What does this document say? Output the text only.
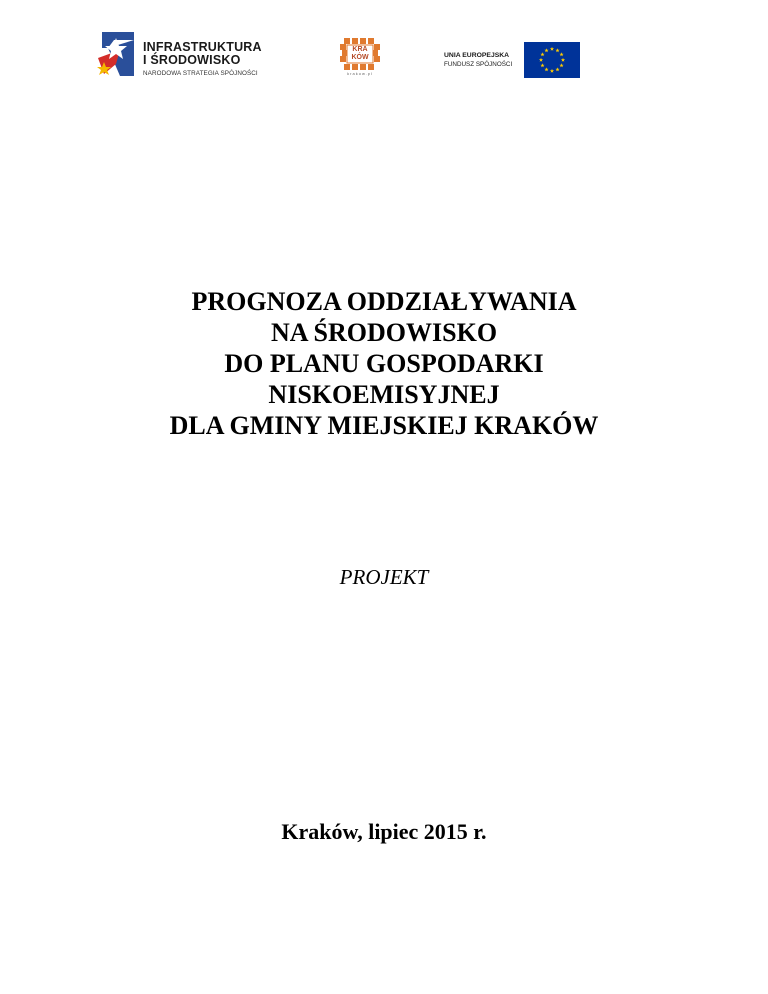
INFRASTRUKTURA
I ŚRODOWISKO
NARODOWA STRATEGIA SPÓJNOŚCI
KRA
KÓW
krakow.pl
UNIA EUROPEJSKA
FUNDUSZ SPÓJNOŚCI
PROGNOZA ODDZIAŁYWANIA
NA ŚRODOWISKO
DO PLANU GOSPODARKI
NISKOEMISYJNEJ
DLA GMINY MIEJSKIEJ KRAKÓW
PROJEKT
Kraków, lipiec 2015 r.
